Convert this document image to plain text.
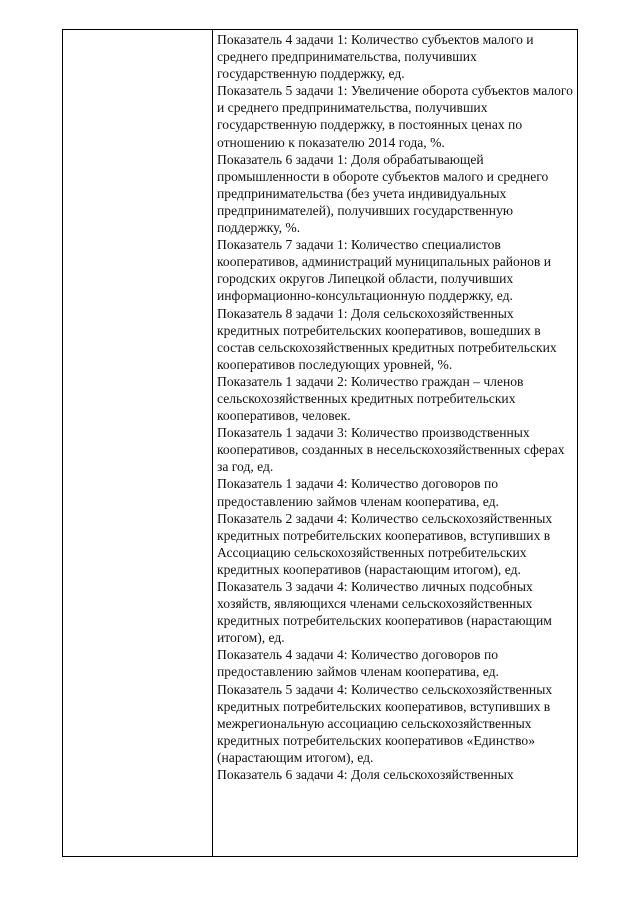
Показатель 4 задачи 1: Количество субъектов малого и среднего предпринимательства, получивших государственную поддержку, ед.

Показатель 5 задачи 1: Увеличение оборота субъектов малого и среднего предпринимательства, получивших государственную поддержку, в постоянных ценах по отношению к показателю 2014 года, %.

Показатель 6 задачи 1: Доля обрабатывающей промышленности в обороте субъектов малого и среднего предпринимательства (без учета индивидуальных предпринимателей), получивших государственную поддержку, %.

Показатель 7 задачи 1: Количество специалистов кооперативов, администраций муниципальных районов и городских округов Липецкой области, получивших информационно-консультационную поддержку, ед.

Показатель 8 задачи 1: Доля сельскохозяйственных кредитных потребительских кооперативов, вошедших в состав сельскохозяйственных кредитных потребительских кооперативов последующих уровней, %.

Показатель 1 задачи 2: Количество граждан – членов сельскохозяйственных кредитных потребительских кооперативов, человек.

Показатель 1 задачи 3: Количество производственных кооперативов, созданных в несельскохозяйственных сферах за год, ед.

Показатель 1 задачи 4: Количество договоров по предоставлению займов членам кооператива, ед.

Показатель 2 задачи 4: Количество сельскохозяйственных кредитных потребительских кооперативов, вступивших в Ассоциацию сельскохозяйственных потребительских кредитных кооперативов (нарастающим итогом), ед.

Показатель 3 задачи 4: Количество личных подсобных хозяйств, являющихся членами сельскохозяйственных кредитных потребительских кооперативов (нарастающим итогом), ед.

Показатель 4 задачи 4: Количество договоров по предоставлению займов членам кооператива, ед.

Показатель 5 задачи 4: Количество сельскохозяйственных кредитных потребительских кооперативов, вступивших в межрегиональную ассоциацию сельскохозяйственных кредитных потребительских кооперативов «Единство» (нарастающим итогом), ед.

Показатель 6 задачи 4: Доля сельскохозяйственных
